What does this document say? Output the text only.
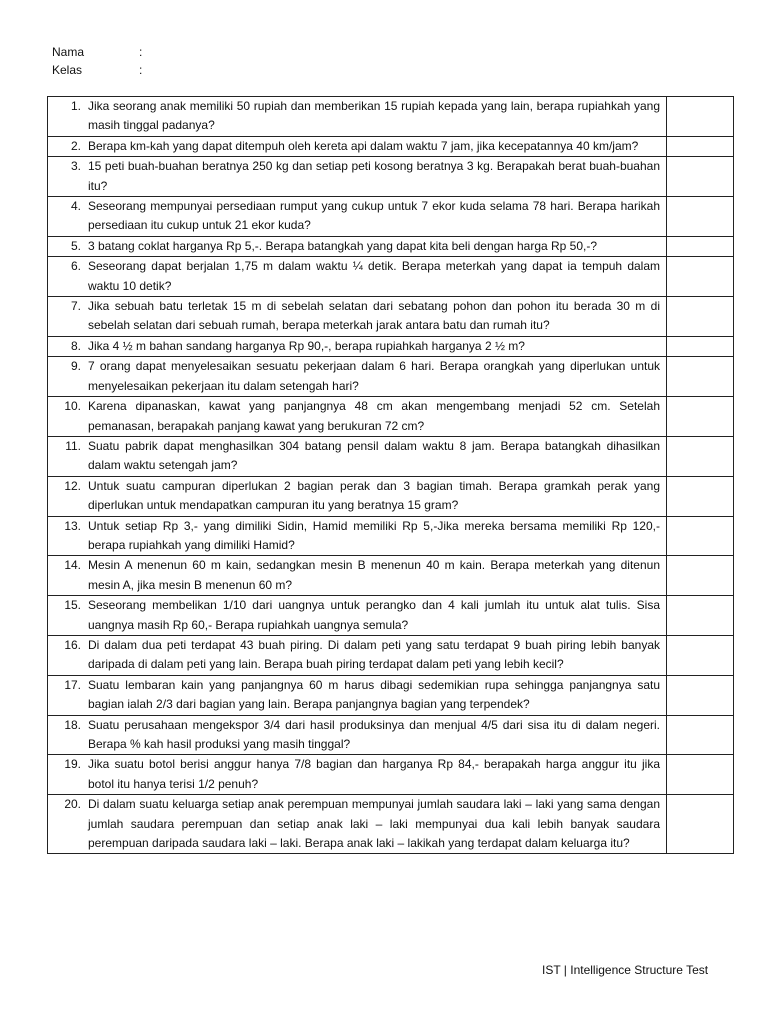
Nama	:
Kelas	:
1. Jika seorang anak memiliki 50 rupiah dan memberikan 15 rupiah kepada yang lain, berapa rupiahkah yang masih tinggal padanya?	

2. Berapa km-kah yang dapat ditempuh oleh kereta api dalam waktu 7 jam, jika kecepatannya 40 km/jam?	

3. 15 peti buah-buahan beratnya 250 kg dan setiap peti kosong beratnya 3 kg. Berapakah berat buah-buahan itu?	

4. Seseorang mempunyai persediaan rumput yang cukup untuk 7 ekor kuda selama 78 hari. Berapa harikah persediaan itu cukup untuk 21 ekor kuda?	

5. 3 batang coklat harganya Rp 5,-. Berapa batangkah yang dapat kita beli dengan harga Rp 50,-?	

6. Seseorang dapat berjalan 1,75 m dalam waktu ¼ detik. Berapa meterkah yang dapat ia tempuh dalam waktu 10 detik?	

7. Jika sebuah batu terletak 15 m di sebelah selatan dari sebatang pohon dan pohon itu berada 30 m di sebelah selatan dari sebuah rumah, berapa meterkah jarak antara batu dan rumah itu?	

8. Jika 4 ½ m bahan sandang harganya Rp 90,-, berapa rupiahkah harganya 2 ½ m?	

9. 7 orang dapat menyelesaikan sesuatu pekerjaan dalam 6 hari. Berapa orangkah yang diperlukan untuk menyelesaikan pekerjaan itu dalam setengah hari?	

10. Karena dipanaskan, kawat yang panjangnya 48 cm akan mengembang menjadi 52 cm. Setelah pemanasan, berapakah panjang kawat yang berukuran 72 cm?	

11. Suatu pabrik dapat menghasilkan 304 batang pensil dalam waktu 8 jam. Berapa batangkah dihasilkan dalam waktu setengah jam?	

12. Untuk suatu campuran diperlukan 2 bagian perak dan 3 bagian timah. Berapa gramkah perak yang diperlukan untuk mendapatkan campuran itu yang beratnya 15 gram?	

13. Untuk setiap Rp 3,- yang dimiliki Sidin, Hamid memiliki Rp 5,-Jika mereka bersama memiliki Rp 120,- berapa rupiahkah yang dimiliki Hamid?	

14. Mesin A menenun 60 m kain, sedangkan mesin B menenun 40 m kain. Berapa meterkah yang ditenun mesin A, jika mesin B menenun 60 m?	

15. Seseorang membelikan 1/10 dari uangnya untuk perangko dan 4 kali jumlah itu untuk alat tulis. Sisa uangnya masih Rp 60,- Berapa rupiahkah uangnya semula?	

16. Di dalam dua peti terdapat 43 buah piring. Di dalam peti yang satu terdapat 9 buah piring lebih banyak daripada di dalam peti yang lain. Berapa buah piring terdapat dalam peti yang lebih kecil?	

17. Suatu lembaran kain yang panjangnya 60 m harus dibagi sedemikian rupa sehingga panjangnya satu bagian ialah 2/3 dari bagian yang lain. Berapa panjangnya bagian yang terpendek?	

18. Suatu perusahaan mengekspor 3/4 dari hasil produksinya dan menjual 4/5 dari sisa itu di dalam negeri. Berapa % kah hasil produksi yang masih tinggal?	

19. Jika suatu botol berisi anggur hanya 7/8 bagian dan harganya Rp 84,- berapakah harga anggur itu jika botol itu hanya terisi 1/2 penuh?	

20. Di dalam suatu keluarga setiap anak perempuan mempunyai jumlah saudara laki – laki yang sama dengan jumlah saudara perempuan dan setiap anak laki – laki mempunyai dua kali lebih banyak saudara perempuan daripada saudara laki – laki. Berapa anak laki – lakikah yang terdapat dalam keluarga itu?	

IST | Intelligence Structure Test
